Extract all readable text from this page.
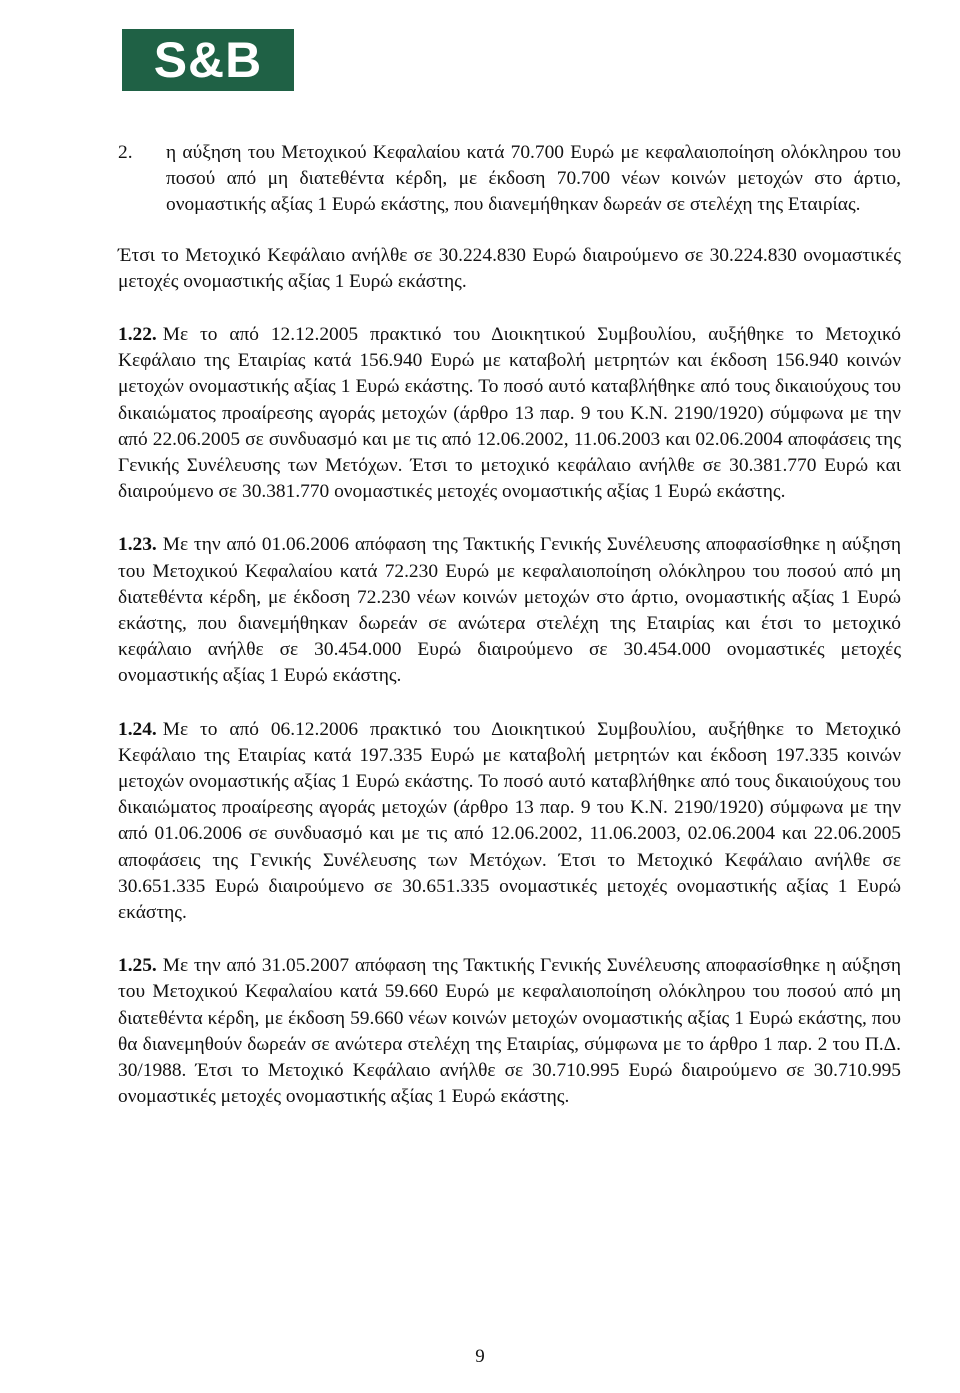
S&B
2. η αύξηση του Μετοχικού Κεφαλαίου κατά 70.700 Ευρώ με κεφαλαιοποίηση ολόκληρου του ποσού από μη διατεθέντα κέρδη, με έκδοση 70.700 νέων κοινών μετοχών στο άρτιο, ονομαστικής αξίας 1 Ευρώ εκάστης, που διανεμήθηκαν δωρεάν σε στελέχη της Εταιρίας.

Έτσι το Μετοχικό Κεφάλαιο ανήλθε σε 30.224.830 Ευρώ διαιρούμενο σε 30.224.830 ονομαστικές μετοχές ονομαστικής αξίας 1 Ευρώ εκάστης.

1.22. Με το από 12.12.2005 πρακτικό του Διοικητικού Συμβουλίου, αυξήθηκε το Μετοχικό Κεφάλαιο της Εταιρίας κατά 156.940 Ευρώ με καταβολή μετρητών και έκδοση 156.940 κοινών μετοχών ονομαστικής αξίας 1 Ευρώ εκάστης. Το ποσό αυτό καταβλήθηκε από τους δικαιούχους του δικαιώματος προαίρεσης αγοράς μετοχών (άρθρο 13 παρ. 9 του Κ.Ν. 2190/1920) σύμφωνα με την από 22.06.2005 σε συνδυασμό και με τις από 12.06.2002, 11.06.2003 και 02.06.2004 αποφάσεις της Γενικής Συνέλευσης των Μετόχων. Έτσι το μετοχικό κεφάλαιο ανήλθε σε 30.381.770 Ευρώ και διαιρούμενο σε 30.381.770 ονομαστικές μετοχές ονομαστικής αξίας 1 Ευρώ εκάστης.

1.23. Με την από 01.06.2006 απόφαση της Τακτικής Γενικής Συνέλευσης αποφασίσθηκε η αύξηση του Μετοχικού Κεφαλαίου κατά 72.230 Ευρώ με κεφαλαιοποίηση ολόκληρου του ποσού από μη διατεθέντα κέρδη, με έκδοση 72.230 νέων κοινών μετοχών στο άρτιο, ονομαστικής αξίας 1 Ευρώ εκάστης, που διανεμήθηκαν δωρεάν σε ανώτερα στελέχη της Εταιρίας και έτσι το μετοχικό κεφάλαιο ανήλθε σε 30.454.000 Ευρώ διαιρούμενο σε 30.454.000 ονομαστικές μετοχές ονομαστικής αξίας 1 Ευρώ εκάστης.

1.24. Με το από 06.12.2006 πρακτικό του Διοικητικού Συμβουλίου, αυξήθηκε το Μετοχικό Κεφάλαιο της Εταιρίας κατά 197.335 Ευρώ με καταβολή μετρητών και έκδοση 197.335 κοινών μετοχών ονομαστικής αξίας 1 Ευρώ εκάστης. Το ποσό αυτό καταβλήθηκε από τους δικαιούχους του δικαιώματος προαίρεσης αγοράς μετοχών (άρθρο 13 παρ. 9 του Κ.Ν. 2190/1920) σύμφωνα με την από 01.06.2006 σε συνδυασμό και με τις από 12.06.2002, 11.06.2003, 02.06.2004 και 22.06.2005 αποφάσεις της Γενικής Συνέλευσης των Μετόχων. Έτσι το Μετοχικό Κεφάλαιο ανήλθε σε 30.651.335 Ευρώ διαιρούμενο σε 30.651.335 ονομαστικές μετοχές ονομαστικής αξίας 1 Ευρώ εκάστης.

1.25. Με την από 31.05.2007 απόφαση της Τακτικής Γενικής Συνέλευσης αποφασίσθηκε η αύξηση του Μετοχικού Κεφαλαίου κατά 59.660 Ευρώ με κεφαλαιοποίηση ολόκληρου του ποσού από μη διατεθέντα κέρδη, με έκδοση 59.660 νέων κοινών μετοχών ονομαστικής αξίας 1 Ευρώ εκάστης, που θα διανεμηθούν δωρεάν σε ανώτερα στελέχη της Εταιρίας, σύμφωνα με το άρθρο 1 παρ. 2 του Π.Δ. 30/1988. Έτσι το Μετοχικό Κεφάλαιο ανήλθε σε 30.710.995 Ευρώ διαιρούμενο σε 30.710.995 ονομαστικές μετοχές ονομαστικής αξίας 1 Ευρώ εκάστης.

9
